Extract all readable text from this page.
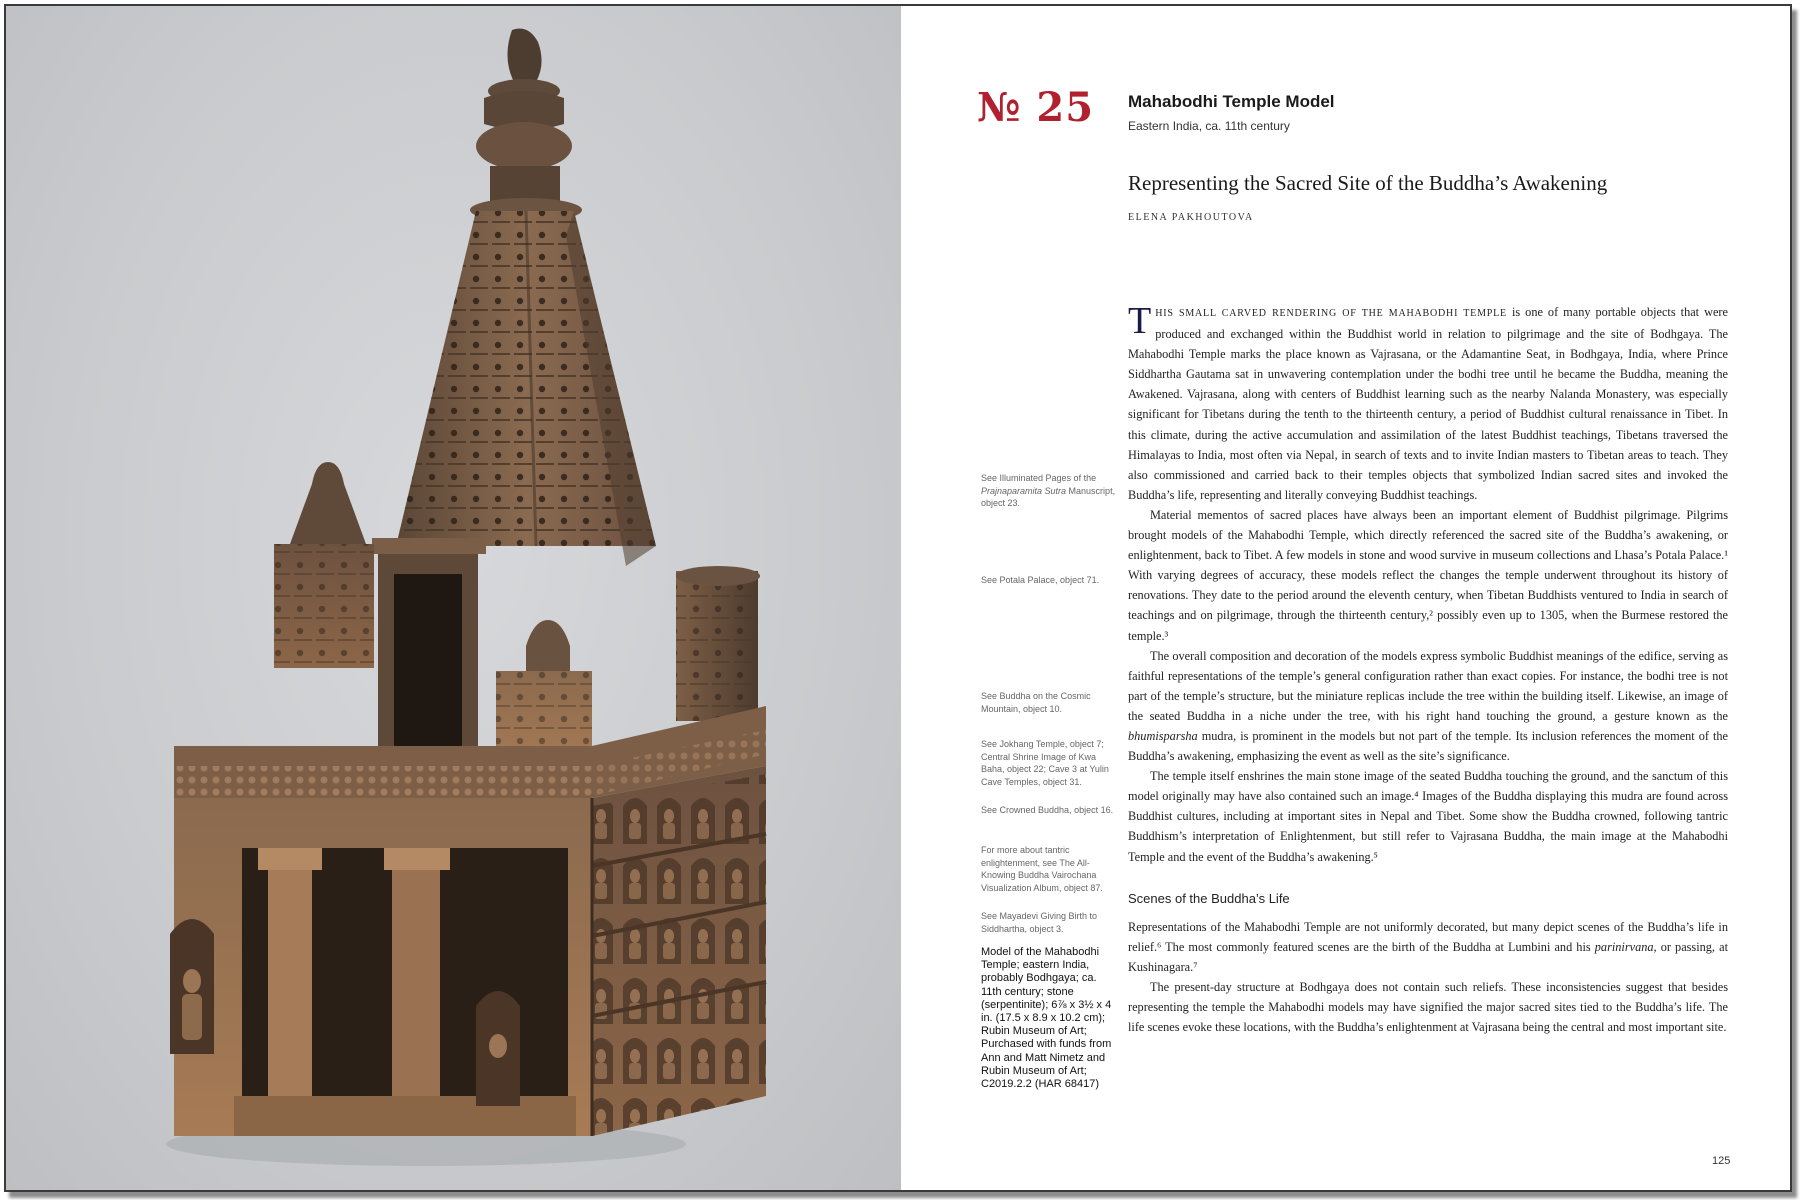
№ 25 Mahabodhi Temple Model
Eastern India, ca. 11th century
Representing the Sacred Site of the Buddha’s Awakening
ELENA PAKHOUTOVA
See Illuminated Pages of the Prajnaparamita Sutra Manuscript, object 23.
See Potala Palace, object 71.
See Buddha on the Cosmic Mountain, object 10.
See Jokhang Temple, object 7; Central Shrine Image of Kwa Baha, object 22; Cave 3 at Yulin Cave Temples, object 31.
See Crowned Buddha, object 16.
For more about tantric enlightenment, see The All-Knowing Buddha Vairochana Visualization Album, object 87.
See Mayadevi Giving Birth to Siddhartha, object 3.
Model of the Mahabodhi Temple; eastern India, probably Bodhgaya; ca. 11th century; stone (serpentinite); 6⅞ x 3½ x 4 in. (17.5 x 8.9 x 10.2 cm); Rubin Museum of Art; Purchased with funds from Ann and Matt Nimetz and Rubin Museum of Art; C2019.2.2 (HAR 68417)

THIS SMALL CARVED RENDERING OF THE MAHABODHI TEMPLE is one of many portable objects that were produced and exchanged within the Buddhist world in relation to pilgrimage and the site of Bodhgaya. The Mahabodhi Temple marks the place known as Vajrasana, or the Adamantine Seat, in Bodhgaya, India, where Prince Siddhartha Gautama sat in unwavering contemplation under the bodhi tree until he became the Buddha, meaning the Awakened. Vajrasana, along with centers of Buddhist learning such as the nearby Nalanda Monastery, was especially significant for Tibetans during the tenth to the thirteenth century, a period of Buddhist cultural renaissance in Tibet. In this climate, during the active accumulation and assimilation of the latest Buddhist teachings, Tibetans traversed the Himalayas to India, most often via Nepal, in search of texts and to invite Indian masters to Tibetan areas to teach. They also commissioned and carried back to their temples objects that symbolized Indian sacred sites and invoked the Buddha’s life, representing and literally conveying Buddhist teachings.

Material mementos of sacred places have always been an important element of Buddhist pilgrimage. Pilgrims brought models of the Mahabodhi Temple, which directly referenced the sacred site of the Buddha’s awakening, or enlightenment, back to Tibet. A few models in stone and wood survive in museum collections and Lhasa’s Potala Palace.¹ With varying degrees of accuracy, these models reflect the changes the temple underwent throughout its history of renovations. They date to the period around the eleventh century, when Tibetan Buddhists ventured to India in search of teachings and on pilgrimage, through the thirteenth century,² possibly even up to 1305, when the Burmese restored the temple.³

The overall composition and decoration of the models express symbolic Buddhist meanings of the edifice, serving as faithful representations of the temple’s general configuration rather than exact copies. For instance, the bodhi tree is not part of the temple’s structure, but the miniature replicas include the tree within the building itself. Likewise, an image of the seated Buddha in a niche under the tree, with his right hand touching the ground, a gesture known as the bhumisparsha mudra, is prominent in the models but not part of the temple. Its inclusion references the moment of the Buddha’s awakening, emphasizing the event as well as the site’s significance.

The temple itself enshrines the main stone image of the seated Buddha touching the ground, and the sanctum of this model originally may have also contained such an image.⁴ Images of the Buddha displaying this mudra are found across Buddhist cultures, including at important sites in Nepal and Tibet. Some show the Buddha crowned, following tantric Buddhism’s interpretation of Enlightenment, but still refer to Vajrasana Buddha, the main image at the Mahabodhi Temple and the event of the Buddha’s awakening.⁵

Scenes of the Buddha’s Life

Representations of the Mahabodhi Temple are not uniformly decorated, but many depict scenes of the Buddha’s life in relief.⁶ The most commonly featured scenes are the birth of the Buddha at Lumbini and his parinirvana, or passing, at Kushinagara.⁷

The present-day structure at Bodhgaya does not contain such reliefs. These inconsistencies suggest that besides representing the temple the Mahabodhi models may have signified the major sacred sites tied to the Buddha’s life. The life scenes evoke these locations, with the Buddha’s enlightenment at Vajrasana being the central and most important site.

125
